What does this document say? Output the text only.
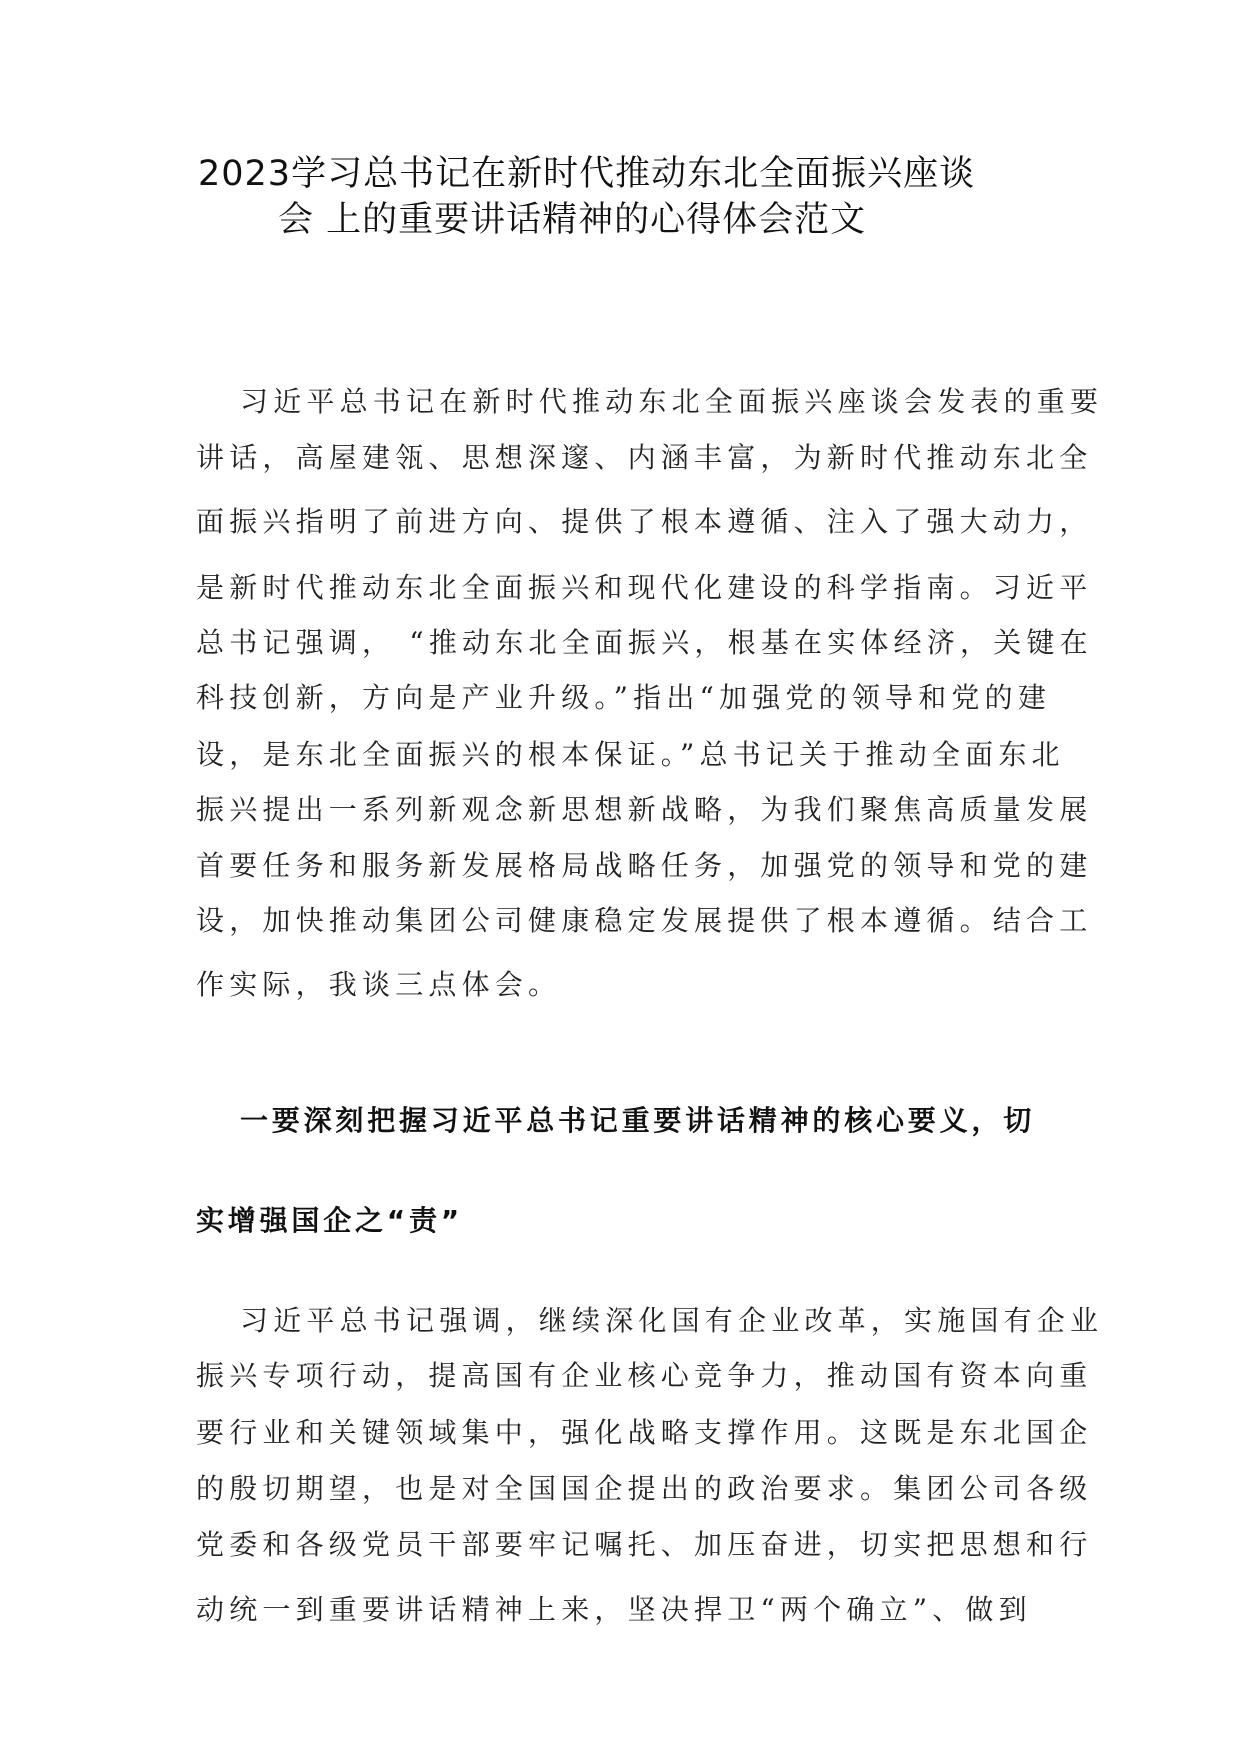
2023学习总书记在新时代推动东北全面振兴座谈
会 上的重要讲话精神的心得体会范文
习近平总书记在新时代推动东北全面振兴座谈会发表的重要
讲话，高屋建瓴、思想深邃、内涵丰富，为新时代推动东北全
面振兴指明了前进方向、提供了根本遵循、注入了强大动力，
是新时代推动东北全面振兴和现代化建设的科学指南。习近平
总书记强调， “推动东北全面振兴，根基在实体经济，关键在
科技创新，方向是产业升级。”指出“加强党的领导和党的建
设，是东北全面振兴的根本保证。”总书记关于推动全面东北
振兴提出一系列新观念新思想新战略，为我们聚焦高质量发展
首要任务和服务新发展格局战略任务，加强党的领导和党的建
设，加快推动集团公司健康稳定发展提供了根本遵循。结合工
作实际，我谈三点体会。
一要深刻把握习近平总书记重要讲话精神的核心要义，切
实增强国企之“责”
习近平总书记强调，继续深化国有企业改革，实施国有企业
振兴专项行动，提高国有企业核心竞争力，推动国有资本向重
要行业和关键领域集中，强化战略支撑作用。这既是东北国企
的殷切期望，也是对全国国企提出的政治要求。集团公司各级
党委和各级党员干部要牢记嘱托、加压奋进，切实把思想和行
动统一到重要讲话精神上来，坚决捍卫“两个确立”、做到
